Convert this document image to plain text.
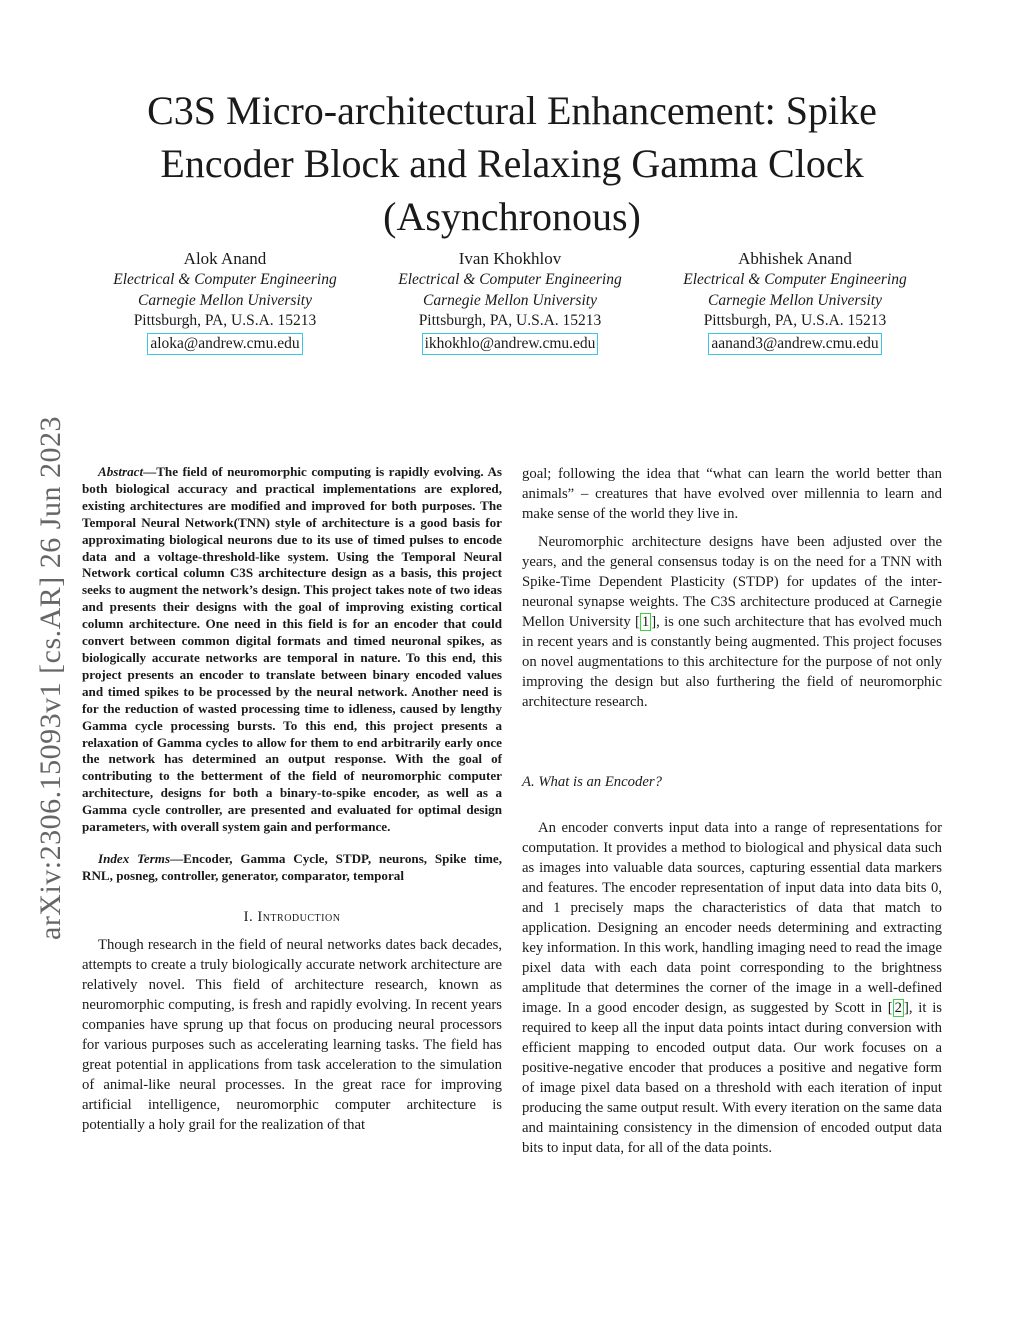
arXiv:2306.15093v1 [cs.AR] 26 Jun 2023
C3S Micro-architectural Enhancement: Spike Encoder Block and Relaxing Gamma Clock (Asynchronous)
Alok Anand
Electrical & Computer Engineering
Carnegie Mellon University
Pittsburgh, PA, U.S.A. 15213
aloka@andrew.cmu.edu
Ivan Khokhlov
Electrical & Computer Engineering
Carnegie Mellon University
Pittsburgh, PA, U.S.A. 15213
ikhokhlo@andrew.cmu.edu
Abhishek Anand
Electrical & Computer Engineering
Carnegie Mellon University
Pittsburgh, PA, U.S.A. 15213
aanand3@andrew.cmu.edu

Abstract—The field of neuromorphic computing is rapidly evolving. As both biological accuracy and practical implementations are explored, existing architectures are modified and improved for both purposes. The Temporal Neural Network(TNN) style of architecture is a good basis for approximating biological neurons due to its use of timed pulses to encode data and a voltage-threshold-like system. Using the Temporal Neural Network cortical column C3S architecture design as a basis, this project seeks to augment the network’s design. This project takes note of two ideas and presents their designs with the goal of improving existing cortical column architecture. One need in this field is for an encoder that could convert between common digital formats and timed neuronal spikes, as biologically accurate networks are temporal in nature. To this end, this project presents an encoder to translate between binary encoded values and timed spikes to be processed by the neural network. Another need is for the reduction of wasted processing time to idleness, caused by lengthy Gamma cycle processing bursts. To this end, this project presents a relaxation of Gamma cycles to allow for them to end arbitrarily early once the network has determined an output response. With the goal of contributing to the betterment of the field of neuromorphic computer architecture, designs for both a binary-to-spike encoder, as well as a Gamma cycle controller, are presented and evaluated for optimal design parameters, with overall system gain and performance.

Index Terms—Encoder, Gamma Cycle, STDP, neurons, Spike time, RNL, posneg, controller, generator, comparator, temporal

I. Introduction

Though research in the field of neural networks dates back decades, attempts to create a truly biologically accurate network architecture are relatively novel. This field of architecture research, known as neuromorphic computing, is fresh and rapidly evolving. In recent years companies have sprung up that focus on producing neural processors for various purposes such as accelerating learning tasks. The field has great potential in applications from task acceleration to the simulation of animal-like neural processes. In the great race for improving artificial intelligence, neuromorphic computer architecture is potentially a holy grail for the realization of that

goal; following the idea that “what can learn the world better than animals” – creatures that have evolved over millennia to learn and make sense of the world they live in.

Neuromorphic architecture designs have been adjusted over the years, and the general consensus today is on the need for a TNN with Spike-Time Dependent Plasticity (STDP) for updates of the inter-neuronal synapse weights. The C3S architecture produced at Carnegie Mellon University [ 1 ], is one such architecture that has evolved much in recent years and is constantly being augmented. This project focuses on novel augmentations to this architecture for the purpose of not only improving the design but also furthering the field of neuromorphic architecture research.

A. What is an Encoder?

An encoder converts input data into a range of representations for computation. It provides a method to biological and physical data such as images into valuable data sources, capturing essential data markers and features. The encoder representation of input data into data bits 0, and 1 precisely maps the characteristics of data that match to application. Designing an encoder needs determining and extracting key information. In this work, handling imaging need to read the image pixel data with each data point corresponding to the brightness amplitude that determines the corner of the image in a well-defined image. In a good encoder design, as suggested by Scott in [ 2 ], it is required to keep all the input data points intact during conversion with efficient mapping to encoded output data. Our work focuses on a positive-negative encoder that produces a positive and negative form of image pixel data based on a threshold with each iteration of input producing the same output result. With every iteration on the same data and maintaining consistency in the dimension of encoded output data bits to input data, for all of the data points.
